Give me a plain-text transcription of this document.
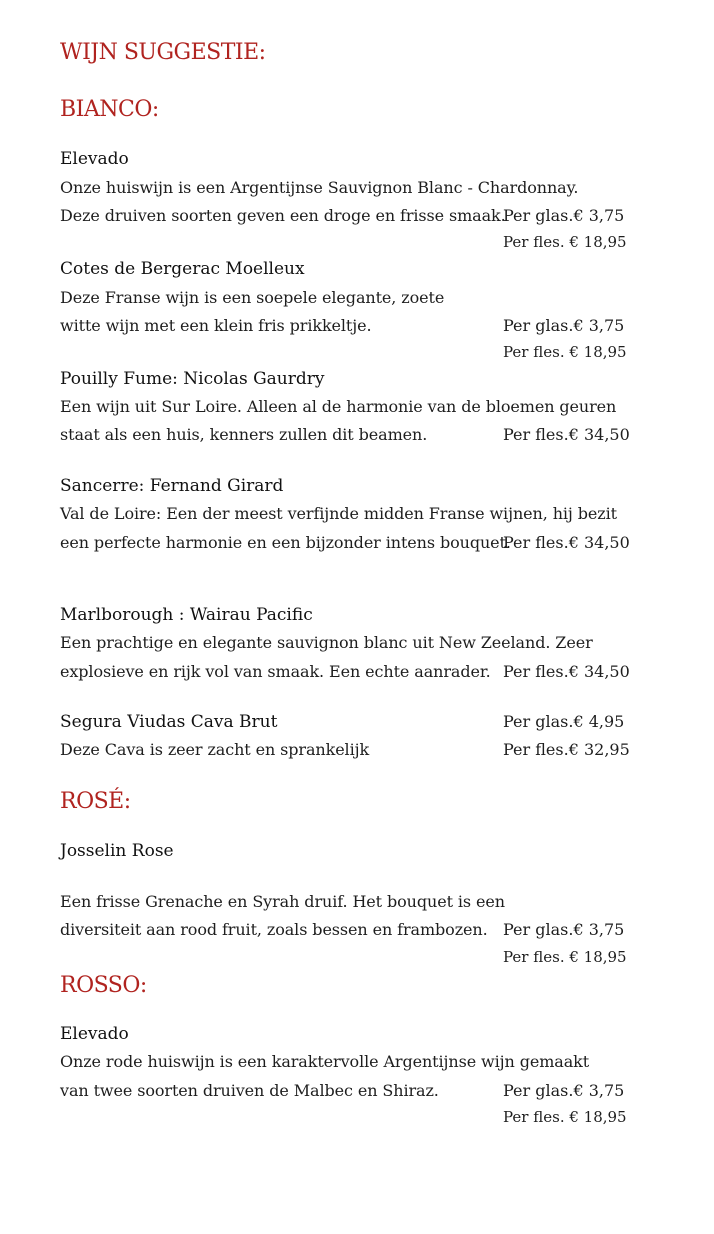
WIJN SUGGESTIE:
BIANCO:
Elevado
Onze huiswijn is een Argentijnse Sauvignon Blanc - Chardonnay.
Deze druiven soorten geven een droge en frisse smaak.
Per glas.€ 3,75
Per fles. € 18,95
Cotes de Bergerac Moelleux
Deze Franse wijn is een soepele elegante, zoete
witte wijn met een klein fris prikkeltje.	Per glas.€ 3,75
Per fles. € 18,95
Pouilly Fume: Nicolas Gaurdry
Een wijn uit Sur Loire. Alleen al de harmonie van de bloemen geuren
staat als een huis, kenners zullen dit beamen.	Per fles.€ 34,50
Sancerre: Fernand Girard
Val de Loire: Een der meest verfijnde midden Franse wijnen, hij bezit
een perfecte harmonie en een bijzonder intens bouquet.
Per fles.€ 34,50
Marlborough : Wairau Pacific
Een prachtige en elegante sauvignon blanc uit New Zeeland. Zeer
explosieve en rijk vol van smaak. Een echte aanrader. Per fles.€ 34,50
Segura Viudas Cava Brut	Per glas.€ 4,95
Deze Cava is zeer zacht en sprankelijk	Per fles.€ 32,95
ROSÉ:
Josselin Rose
Een frisse Grenache en Syrah druif. Het bouquet is een
diversiteit aan rood fruit, zoals bessen en frambozen. Per glas.€ 3,75
Per fles. € 18,95
ROSSO:
Elevado
Onze rode huiswijn is een karaktervolle Argentijnse wijn gemaakt
van twee soorten druiven de Malbec en Shiraz.	Per glas.€ 3,75
Per fles. € 18,95
